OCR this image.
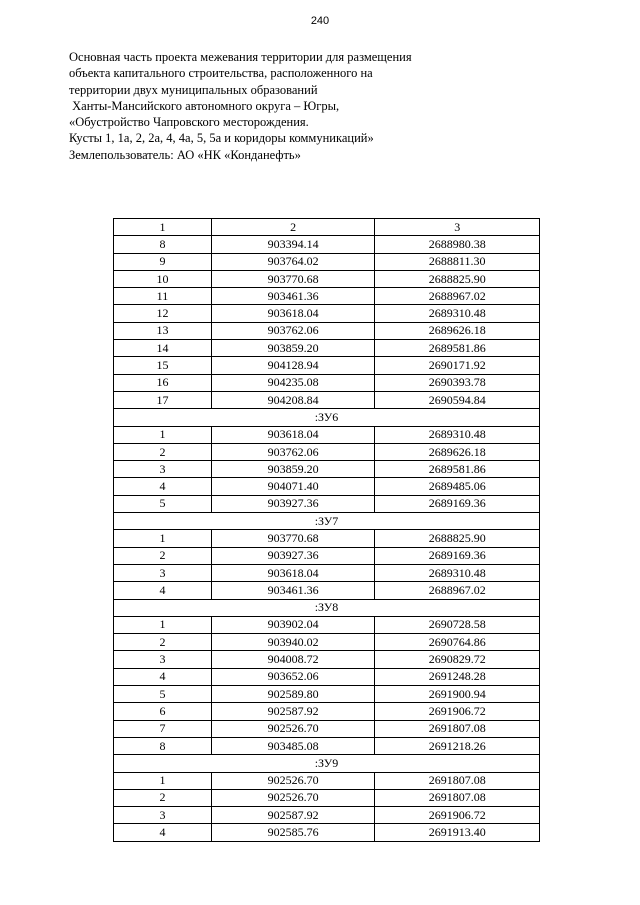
240
Основная часть проекта межевания территории для размещения
объекта капитального строительства, расположенного на
территории двух муниципальных образований
Ханты-Мансийского автономного округа – Югры,
«Обустройство Чапровского месторождения.
Кусты 1, 1а, 2, 2а, 4, 4а, 5, 5а и коридоры коммуникаций»
Землепользователь: АО «НК «Конданефть»
1	2	3
8	903394.14	2688980.38
9	903764.02	2688811.30
10	903770.68	2688825.90
11	903461.36	2688967.02
12	903618.04	2689310.48
13	903762.06	2689626.18
14	903859.20	2689581.86
15	904128.94	2690171.92
16	904235.08	2690393.78
17	904208.84	2690594.84
:ЗУ6		
1	903618.04	2689310.48
2	903762.06	2689626.18
3	903859.20	2689581.86
4	904071.40	2689485.06
5	903927.36	2689169.36
:ЗУ7		
1	903770.68	2688825.90
2	903927.36	2689169.36
3	903618.04	2689310.48
4	903461.36	2688967.02
:ЗУ8		
1	903902.04	2690728.58
2	903940.02	2690764.86
3	904008.72	2690829.72
4	903652.06	2691248.28
5	902589.80	2691900.94
6	902587.92	2691906.72
7	902526.70	2691807.08
8	903485.08	2691218.26
:ЗУ9		
1	902526.70	2691807.08
2	902526.70	2691807.08
3	902587.92	2691906.72
4	902585.76	2691913.40
